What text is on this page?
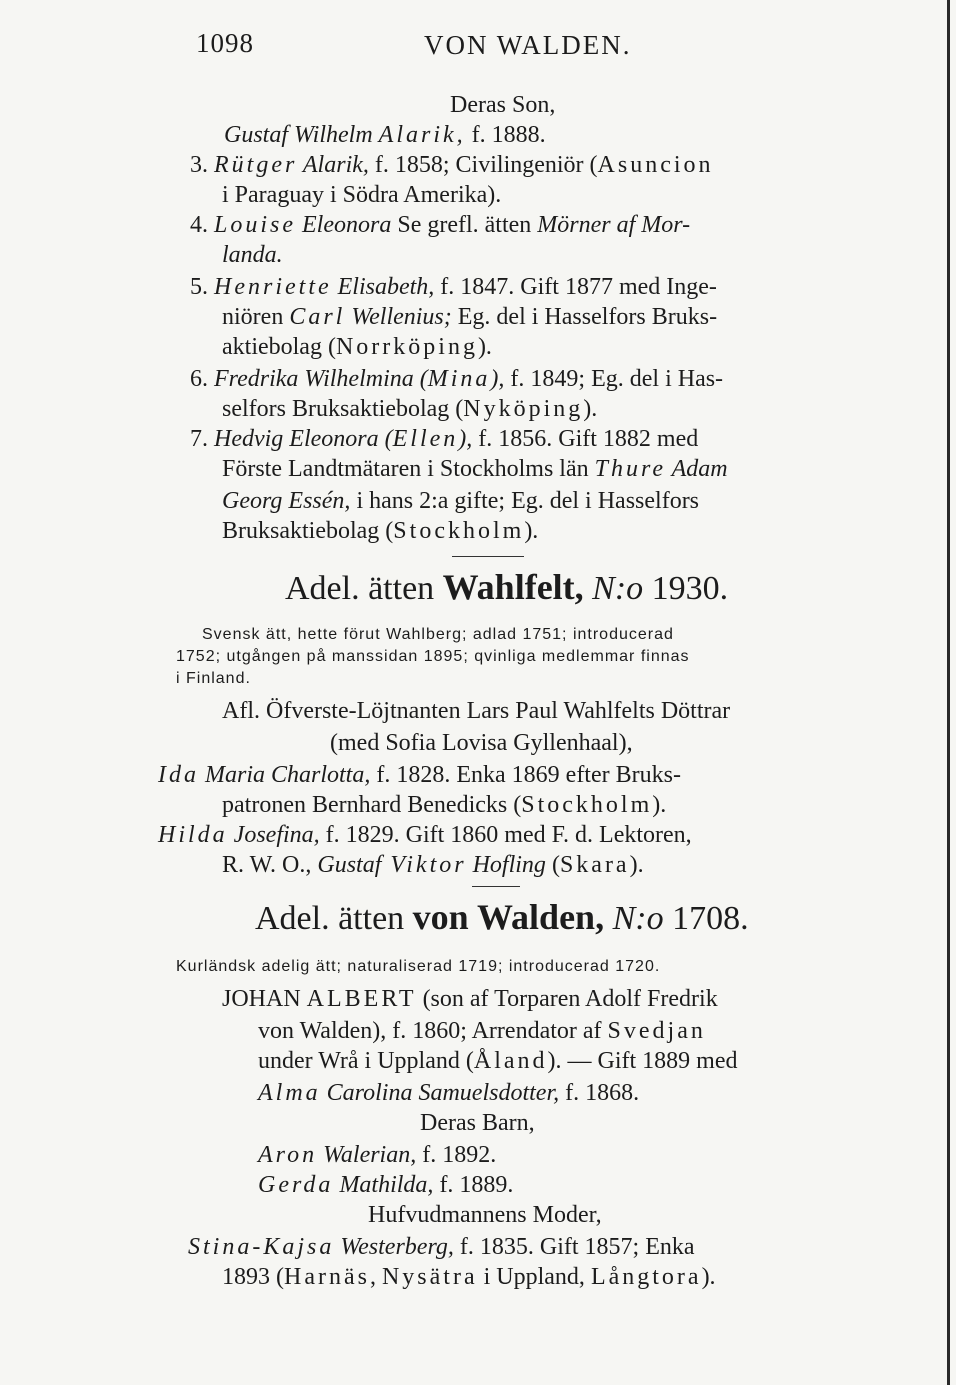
1098	VON WALDEN.
Deras Son,
Gustaf Wilhelm Alarik, f. 1888.
3. Rütger Alarik, f. 1858; Civilingeniör (Asuncion
i Paraguay i Södra Amerika).
4. Louise Eleonora Se grefl. ätten Mörner af Mor-
landa.
5. Henriette Elisabeth, f. 1847. Gift 1877 med Inge-
niören Carl Wellenius; Eg. del i Hasselfors Bruks-
aktiebolag (Norrköping).
6. Fredrika Wilhelmina (Mina), f. 1849; Eg. del i Has-
selfors Bruksaktiebolag (Nyköping).
7. Hedvig Eleonora (Ellen), f. 1856. Gift 1882 med
Förste Landtmätaren i Stockholms län Thure Adam
Georg Essén, i hans 2:a gifte; Eg. del i Hasselfors
Bruksaktiebolag (Stockholm).
Adel. ätten Wahlfelt, N:o 1930.
Svensk ätt, hette förut Wahlberg; adlad 1751; introducerad
1752; utgången på manssidan 1895; qvinliga medlemmar finnas
i Finland.
Afl. Öfverste-Löjtnanten Lars Paul Wahlfelts Döttrar
(med Sofia Lovisa Gyllenhaal),
Ida Maria Charlotta, f. 1828. Enka 1869 efter Bruks-
patronen Bernhard Benedicks (Stockholm).
Hilda Josefina, f. 1829. Gift 1860 med F. d. Lektoren,
R. W. O., Gustaf Viktor Hofling (Skara).
Adel. ätten von Walden, N:o 1708.
Kurländsk adelig ätt; naturaliserad 1719; introducerad 1720.
JOHAN ALBERT (son af Torparen Adolf Fredrik
von Walden), f. 1860; Arrendator af Svedjan
under Wrå i Uppland (Åland). — Gift 1889 med
Alma Carolina Samuelsdotter, f. 1868.
Deras Barn,
Aron Walerian, f. 1892.
Gerda Mathilda, f. 1889.
Hufvudmannens Moder,
Stina-Kajsa Westerberg, f. 1835. Gift 1857; Enka
1893 (Harnäs, Nysätra i Uppland, Långtora).
